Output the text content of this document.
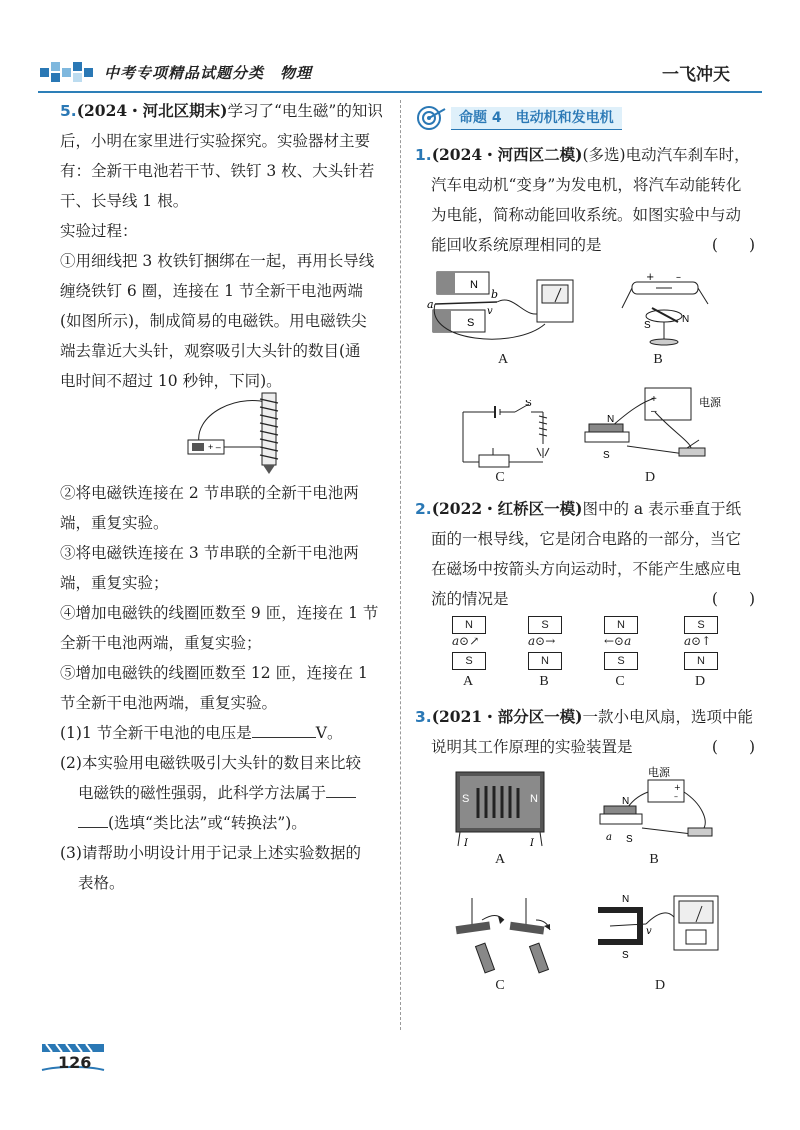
中考专项精品试题分类　物理	一飞冲天
5.(2024・河北区期末)学习了“电生磁”的知识
后，小明在家里进行实验探究。实验器材主要
有：全新干电池若干节、铁钉 3 枚、大头针若
干、长导线 1 根。
实验过程：
①用细线把 3 枚铁钉捆绑在一起，再用长导线
缠绕铁钉 6 圈，连接在 1 节全新干电池两端
(如图所示)，制成简易的电磁铁。用电磁铁尖
端去靠近大头针，观察吸引大头针的数目(通
电时间不超过 10 秒钟，下同)。
+ –
②将电磁铁连接在 2 节串联的全新干电池两
端，重复实验。
③将电磁铁连接在 3 节串联的全新干电池两
端，重复实验；
④增加电磁铁的线圈匝数至 9 匝，连接在 1 节
全新干电池两端，重复实验；
⑤增加电磁铁的线圈匝数至 12 匝，连接在 1
节全新干电池两端，重复实验。
(1)1 节全新干电池的电压是	V。
(2)本实验用电磁铁吸引大头针的数目来比较
电磁铁的磁性强弱，此科学方法属于
(选填“类比法”或“转换法”)。
(3)请帮助小明设计用于记录上述实验数据的
表格。
命题 4　电动机和发电机
1.(2024・河西区二模)(多选)电动汽车刹车时，
汽车电动机“变身”为发电机，将汽车动能转化
为电能，简称动能回收系统。如图实验中与动
能回收系统原理相同的是	(　　)
N
S
a
b
v
A
+ –
S
N
B
S
C
+
–
电源
N
S
D
2.(2022・红桥区一模)图中的 a 表示垂直于纸
面的一根导线，它是闭合电路的一部分，当它
在磁场中按箭头方向运动时，不能产生感应电
流的情况是	(　　)
N
a⊙↗
S
A
S
a⊙→
N
B
N
←⊙a
S
C
S
a⊙↑
N
D
3.(2021・部分区一模)一款小电风扇，选项中能
说明其工作原理的实验装置是	(　　)
S	N
I	I
A
电源
+
–
N
a S
B
C
N
S
v
D
126
